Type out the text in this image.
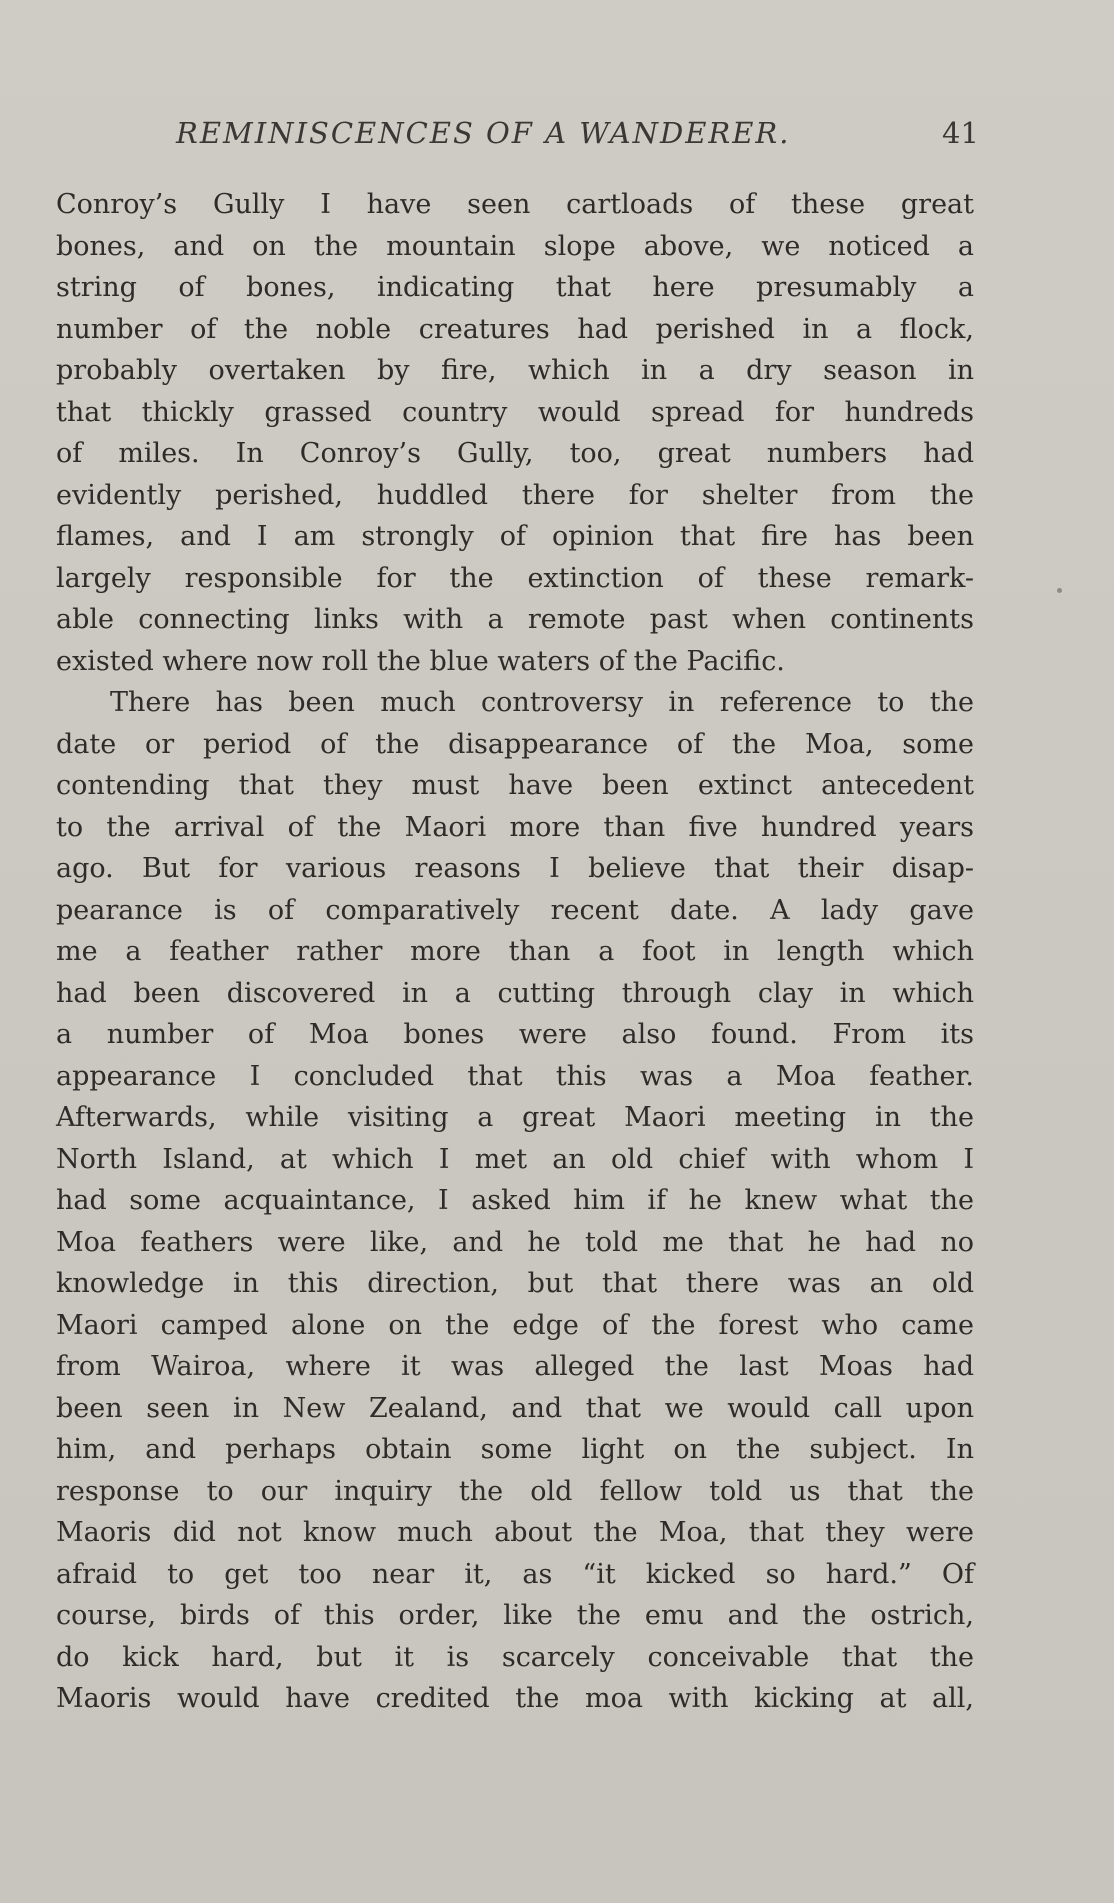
REMINISCENCES OF A WANDERER.	41
Conroy’s Gully I have seen cartloads of these great
bones, and on the mountain slope above, we noticed a
string of bones, indicating that here presumably a
number of the noble creatures had perished in a flock,
probably overtaken by fire, which in a dry season in
that thickly grassed country would spread for hundreds
of miles. In Conroy’s Gully, too, great numbers had
evidently perished, huddled there for shelter from the
flames, and I am strongly of opinion that fire has been
largely responsible for the extinction of these remark-
able connecting links with a remote past when continents
existed where now roll the blue waters of the Pacific.
There has been much controversy in reference to the
date or period of the disappearance of the Moa, some
contending that they must have been extinct antecedent
to the arrival of the Maori more than five hundred years
ago. But for various reasons I believe that their disap-
pearance is of comparatively recent date. A lady gave
me a feather rather more than a foot in length which
had been discovered in a cutting through clay in which
a number of Moa bones were also found. From its
appearance I concluded that this was a Moa feather.
Afterwards, while visiting a great Maori meeting in the
North Island, at which I met an old chief with whom I
had some acquaintance, I asked him if he knew what the
Moa feathers were like, and he told me that he had no
knowledge in this direction, but that there was an old
Maori camped alone on the edge of the forest who came
from Wairoa, where it was alleged the last Moas had
been seen in New Zealand, and that we would call upon
him, and perhaps obtain some light on the subject. In
response to our inquiry the old fellow told us that the
Maoris did not know much about the Moa, that they were
afraid to get too near it, as “it kicked so hard.” Of
course, birds of this order, like the emu and the ostrich,
do kick hard, but it is scarcely conceivable that the
Maoris would have credited the moa with kicking at all,
